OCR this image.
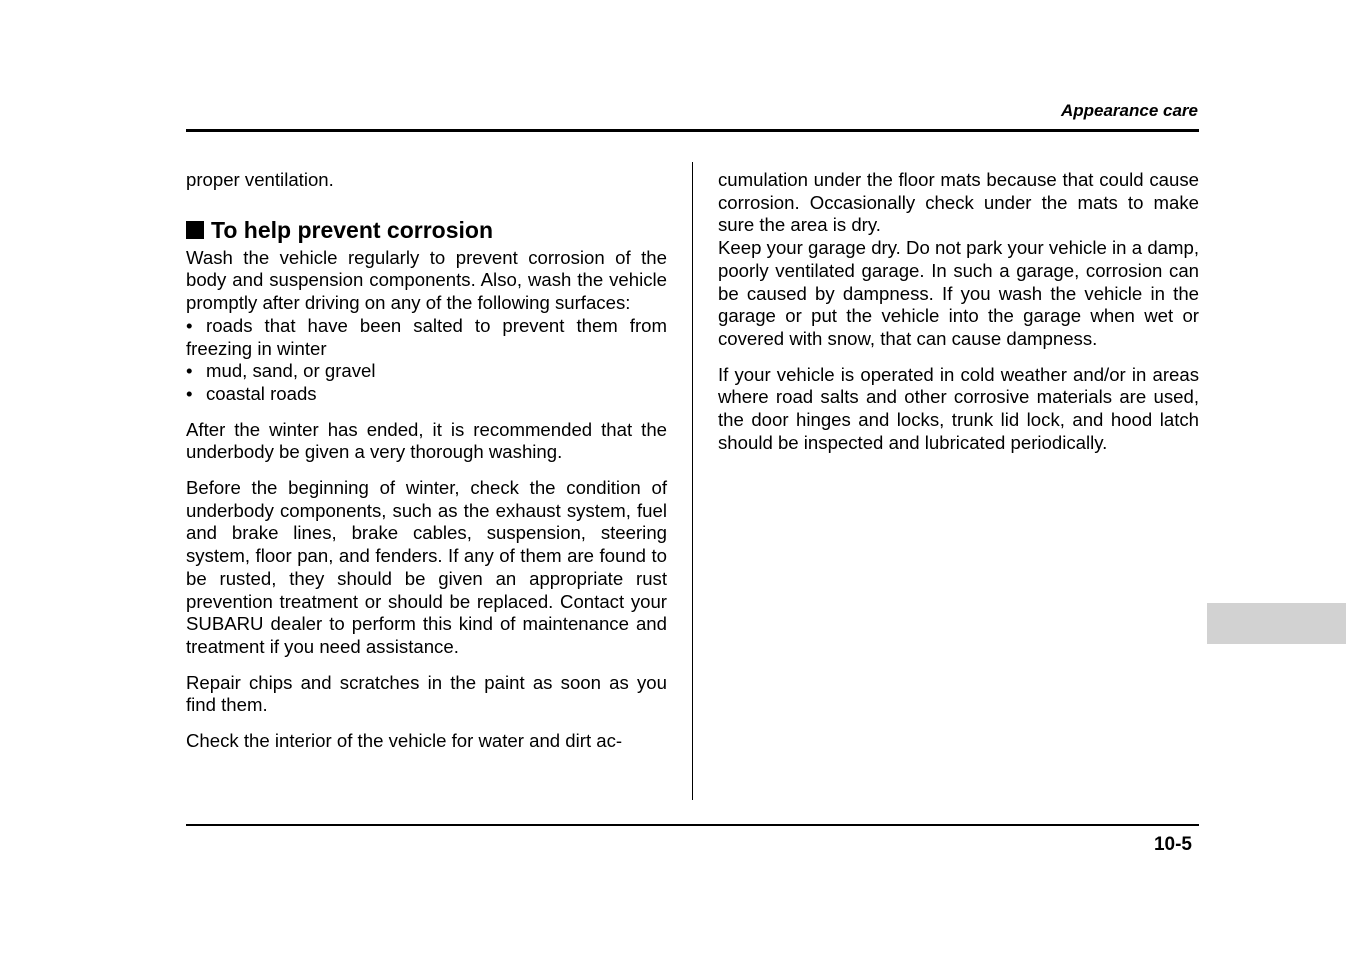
Appearance care

proper ventilation.

To help prevent corrosion

Wash the vehicle regularly to prevent corrosion of the body and suspension components. Also, wash the vehicle promptly after driving on any of the following surfaces:

• roads that have been salted to prevent them from freezing in winter
• mud, sand, or gravel
• coastal roads

After the winter has ended, it is recommended that the underbody be given a very thorough washing.

Before the beginning of winter, check the condition of underbody components, such as the exhaust system, fuel and brake lines, brake cables, suspension, steering system, floor pan, and fenders. If any of them are found to be rusted, they should be given an appropriate rust prevention treatment or should be replaced. Contact your SUBARU dealer to perform this kind of maintenance and treatment if you need assistance.

Repair chips and scratches in the paint as soon as you find them.

Check the interior of the vehicle for water and dirt ac-

cumulation under the floor mats because that could cause corrosion. Occasionally check under the mats to make sure the area is dry.

Keep your garage dry. Do not park your vehicle in a damp, poorly ventilated garage. In such a garage, corrosion can be caused by dampness. If you wash the vehicle in the garage or put the vehicle into the garage when wet or covered with snow, that can cause dampness.

If your vehicle is operated in cold weather and/or in areas where road salts and other corrosive materials are used, the door hinges and locks, trunk lid lock, and hood latch should be inspected and lubricated periodically.

10-5
